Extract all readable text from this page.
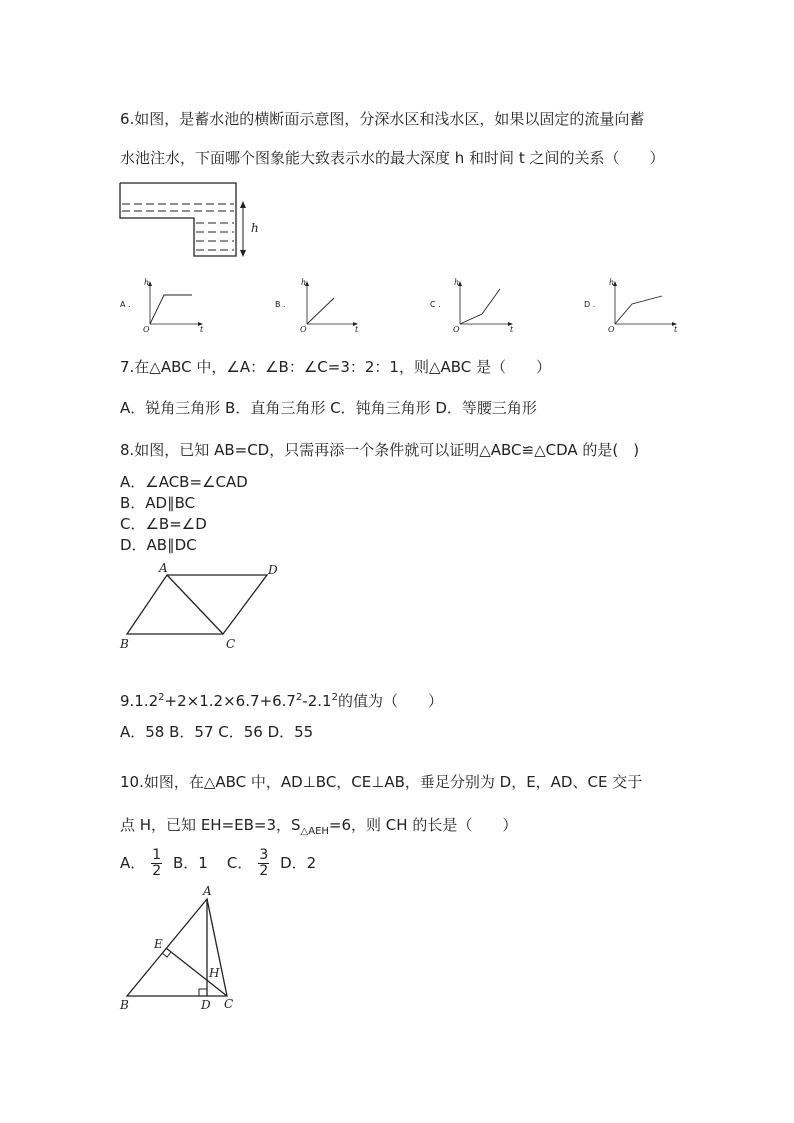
6.如图，是蓄水池的横断面示意图，分深水区和浅水区，如果以固定的流量向蓄
水池注水，下面哪个图象能大致表示水的最大深度 h 和时间 t 之间的关系（　　）
h
A .
h
t
O
B .
h
t
O
C .
h
t
O
D .
h
t
O
7.在△ABC 中，∠A：∠B：∠C=3：2：1，则△ABC 是（　　）
A．锐角三角形 B．直角三角形 C．钝角三角形 D．等腰三角形
8.如图，已知 AB=CD，只需再添一个条件就可以证明△ABC≌△CDA 的是(　)
A．∠ACB=∠CAD
B．AD∥BC
C．∠B=∠D
D．AB∥DC
A	D
B	C
$9.1.2^2+2\times 1.2\times 6.7+6.7^2-2.1^2$的值为（　　）
A．58 B．57 C．56 D．55
10.如图，在△ABC 中，AD⊥BC，CE⊥AB，垂足分别为 D，E，AD、CE 交于
点 H，已知 EH=EB=3，$S_{\triangle AEH}=6$，则 CH 的长是（　　）
A． $\frac{1}{2}$ B．1 C． $\frac{3}{2}$ D．2
A
E
H
B	D C
